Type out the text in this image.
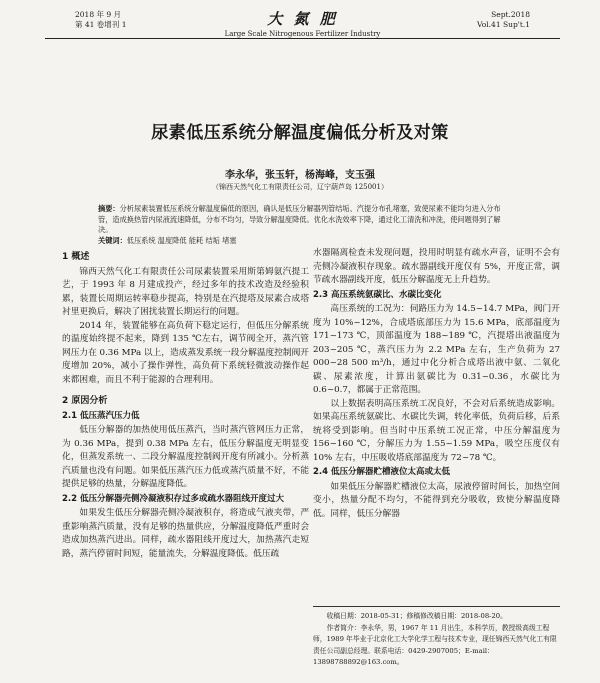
2018 年 9 月
第 41 卷增刊 1	大 氮 肥
Large Scale Nitrogenous Fertilizer Industry
Sept.2018
Vol.41 Sup't.1
尿素低压系统分解温度偏低分析及对策
李永华，张玉轩，杨海峰，支玉强
（锦西天然气化工有限责任公司，辽宁葫芦岛 125001）
摘要：分析尿素装置低压系统分解温度偏低的原因，确认是低压分解器列管结垢、汽提分布孔堵塞，致使尿素不能均匀进入分布管，造成换热管内尿液流速降低，分布不均匀，导致分解温度降低。优化水洗效率下降，通过化工清洗和冲洗，使问题得到了解决。
关键词：低压系统 温度降低 能耗 结垢 堵塞
1 概述

锦西天然气化工有限责任公司尿素装置采用斯第姆氨汽提工艺，于 1993 年 8 月建成投产，经过多年的技术改造及经验积累，装置长周期运转率稳步提高，特别是在汽提塔及尿素合成塔衬里更换后，解决了困扰装置长期运行的问题。

2014 年，装置能够在高负荷下稳定运行，但低压分解系统的温度始终提不起来，降到 135 ℃左右，调节阀全开，蒸汽管网压力在 0.36 MPa 以上，造成蒸发系统一段分解温度控制阀开度增加 20%，减小了操作弹性，高负荷下系统轻微波动操作起来都困难，而且不利于能源的合理利用。

2 原因分析
2.1 低压蒸汽压力低

低压分解器的加热使用低压蒸汽，当时蒸汽管网压力正常，为 0.36 MPa，提到 0.38 MPa 左右，低压分解温度无明显变化，但蒸发系统一、二段分解温度控制阀开度有所减小。分析蒸汽质量也没有问题。如果低压蒸汽压力低或蒸汽质量不好，不能提供足够的热量，分解温度降低。

2.2 低压分解器壳侧冷凝液积存过多或疏水器阻线开度过大

如果发生低压分解器壳侧冷凝液积存，将造成气液夹带，严重影响蒸汽质量，没有足够的热量供应，分解温度降低严重时会造成加热蒸汽进出。同样，疏水器阻线开度过大，加热蒸汽走短路，蒸汽停留时间短，能量流失，分解温度降低。低压疏

水器隔离检查未发现问题，投用时明显有疏水声音，证明不会有壳侧冷凝液积存现象。疏水器副线开度仅有 5%，开度正常，调节疏水器副线开度，低压分解温度无上升趋势。
2.3 高压系统氨碳比、水碳比变化

高压系统的工况为：伺路压力为 14.5~14.7 MPa，阀门开度为 10%~12%，合成塔底部压力为 15.6 MPa，底部温度为 171~173 ℃，顶部温度为 188~189 ℃，汽提塔出液温度为 203~205 ℃，蒸汽压力为 2.2 MPa 左右，生产负荷为 27 000~28 500 m³/h，通过中化分析合成塔出液中氨、二氧化碳、尿素浓度，计算出氨碳比为 0.31~0.36，水碳比为 0.6~0.7，都属于正常范围。

以上数据表明高压系统工况良好，不会对后系统造成影响。如果高压系统氨碳比、水碳比失调，转化率低，负荷后移，后系统将受到影响。但当时中压系统工况正常，中压分解温度为 156~160 ℃，分解压力为 1.55~1.59 MPa，吸空压度仅有 10% 左右，中压吸收塔底部温度为 72~78 ℃。

2.4 低压分解器贮槽液位太高或太低

如果低压分解器贮槽液位太高，尿液停留时间长，加热空间变小，热量分配不均匀，不能得到充分吸收，致使分解温度降低。同样，低压分解器

收稿日期：2018-05-31；修稿修改稿日期：2018-08-20。

作者简介：李永华，男，1967 年 11 月出生，本科学历，教授级高级工程师，1989 年毕业于北京化工大学化学工程与技术专业，现任锦西天然气化工有限责任公司副总经理。联系电话：0429-2907005；E-mail：13898788892@163.com。
